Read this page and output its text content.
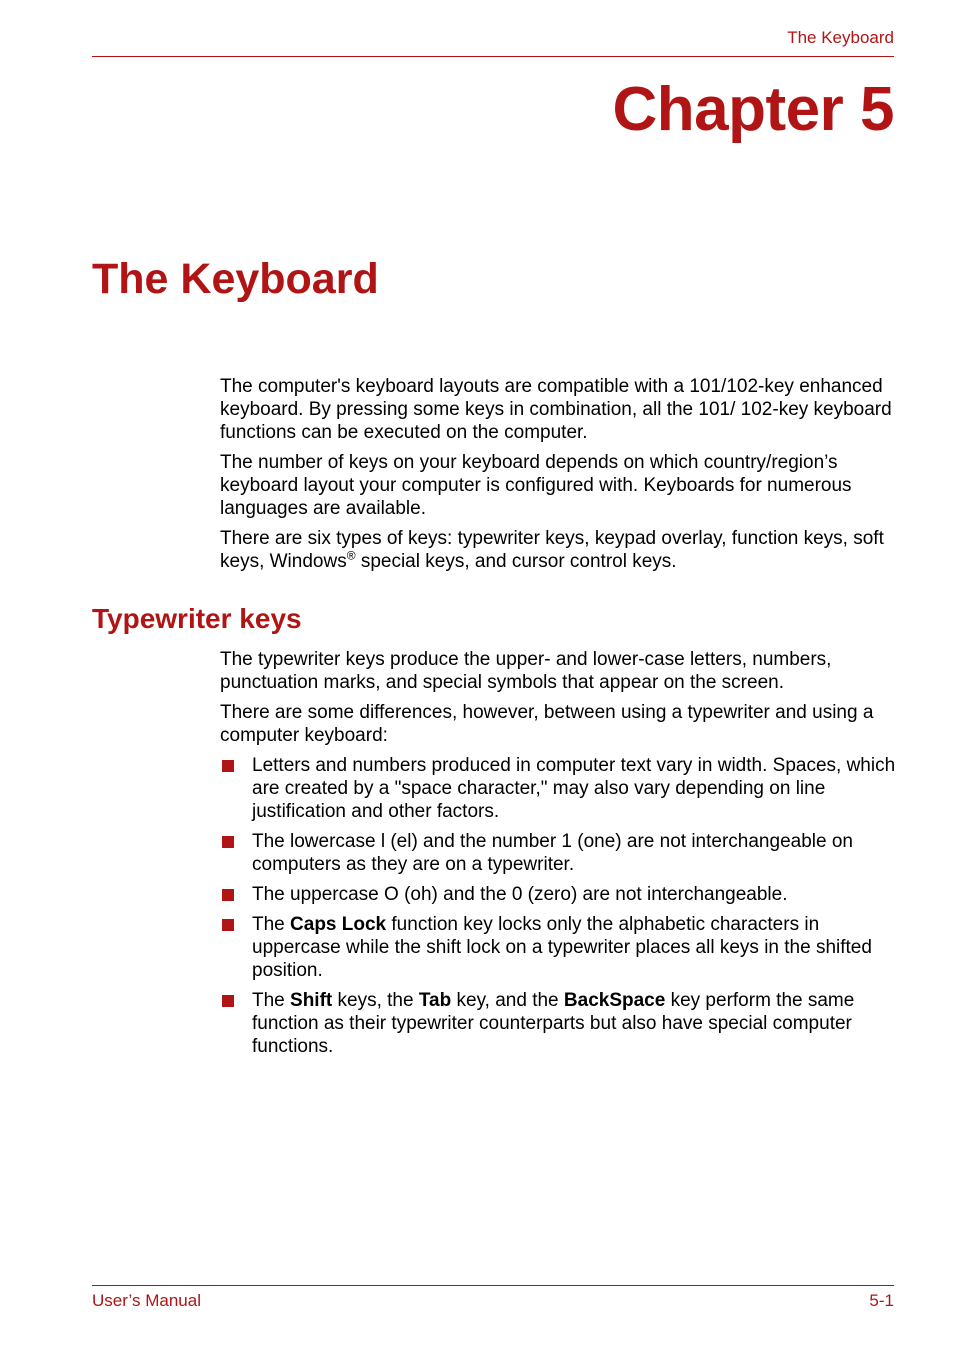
The Keyboard
Chapter 5
The Keyboard

The computer's keyboard layouts are compatible with a 101/102-key enhanced keyboard. By pressing some keys in combination, all the 101/ 102-key keyboard functions can be executed on the computer.

The number of keys on your keyboard depends on which country/region’s keyboard layout your computer is configured with. Keyboards for numerous languages are available.

There are six types of keys: typewriter keys, keypad overlay, function keys, soft keys, Windows® special keys, and cursor control keys.

Typewriter keys

The typewriter keys produce the upper- and lower-case letters, numbers, punctuation marks, and special symbols that appear on the screen.

There are some differences, however, between using a typewriter and using a computer keyboard:

Letters and numbers produced in computer text vary in width. Spaces, which are created by a "space character," may also vary depending on line justification and other factors.
The lowercase l (el) and the number 1 (one) are not interchangeable on computers as they are on a typewriter.
The uppercase O (oh) and the 0 (zero) are not interchangeable.
The Caps Lock function key locks only the alphabetic characters in uppercase while the shift lock on a typewriter places all keys in the shifted position.
The Shift keys, the Tab key, and the BackSpace key perform the same function as their typewriter counterparts but also have special computer functions.
User’s Manual	5-1
